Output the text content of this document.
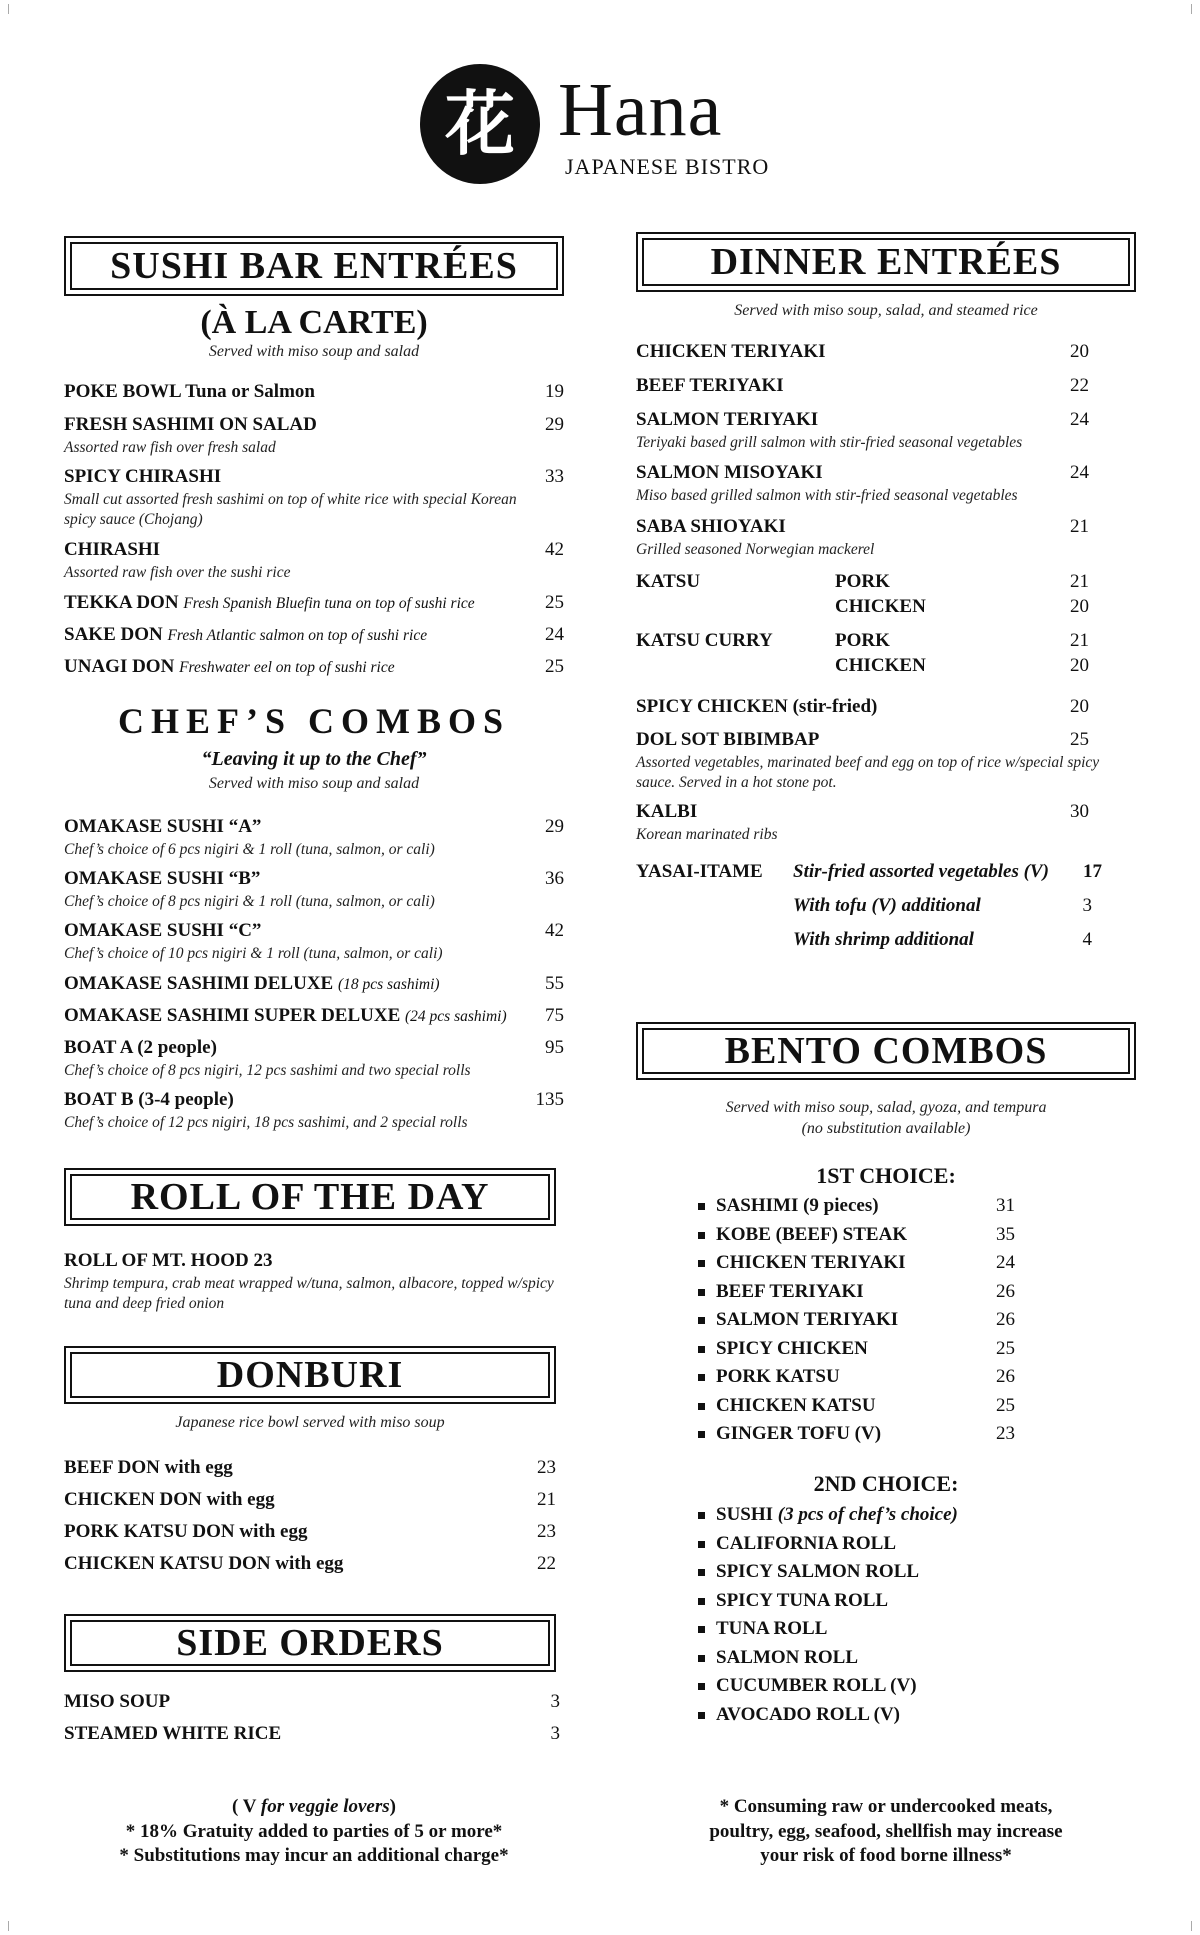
花 Hana
JAPANESE BISTRO
SUSHI BAR ENTRÉES
(À LA CARTE)
Served with miso soup and salad
POKE BOWL Tuna or Salmon	19
FRESH SASHIMI ON SALAD	29
Assorted raw fish over fresh salad
SPICY CHIRASHI	33
Small cut assorted fresh sashimi on top of white rice with special Korean spicy sauce (Chojang)
CHIRASHI	42
Assorted raw fish over the sushi rice
TEKKA DON Fresh Spanish Bluefin tuna on top of sushi rice	25
SAKE DON Fresh Atlantic salmon on top of sushi rice	24
UNAGI DON Freshwater eel on top of sushi rice	25
CHEF’S COMBOS
“Leaving it up to the Chef”
Served with miso soup and salad
OMAKASE SUSHI “A”	29
Chef’s choice of 6 pcs nigiri & 1 roll (tuna, salmon, or cali)
OMAKASE SUSHI “B”	36
Chef’s choice of 8 pcs nigiri & 1 roll (tuna, salmon, or cali)
OMAKASE SUSHI “C”	42
Chef’s choice of 10 pcs nigiri & 1 roll (tuna, salmon, or cali)
OMAKASE SASHIMI DELUXE (18 pcs sashimi)	55
OMAKASE SASHIMI SUPER DELUXE (24 pcs sashimi)	75
BOAT A (2 people)	95
Chef’s choice of 8 pcs nigiri, 12 pcs sashimi and two special rolls
BOAT B (3-4 people)	135
Chef’s choice of 12 pcs nigiri, 18 pcs sashimi, and 2 special rolls
ROLL OF THE DAY
ROLL OF MT. HOOD 23
Shrimp tempura, crab meat wrapped w/tuna, salmon, albacore, topped w/spicy tuna and deep fried onion
DONBURI
Japanese rice bowl served with miso soup
BEEF DON with egg	23
CHICKEN DON with egg	21
PORK KATSU DON with egg	23
CHICKEN KATSU DON with egg	22
SIDE ORDERS
MISO SOUP	3
STEAMED WHITE RICE	3
DINNER ENTRÉES
Served with miso soup, salad, and steamed rice
CHICKEN TERIYAKI	20
BEEF TERIYAKI	22
SALMON TERIYAKI	24
Teriyaki based grill salmon with stir-fried seasonal vegetables
SALMON MISOYAKI	24
Miso based grilled salmon with stir-fried seasonal vegetables
SABA SHIOYAKI	21
Grilled seasoned Norwegian mackerel
KATSU	PORK	21
CHICKEN	20
KATSU CURRY	PORK	21
CHICKEN	20
SPICY CHICKEN (stir-fried)	20
DOL SOT BIBIMBAP	25
Assorted vegetables, marinated beef and egg on top of rice w/special spicy sauce. Served in a hot stone pot.
KALBI	30
Korean marinated ribs
YASAI-ITAME Stir-fried assorted vegetables (V) 17
With tofu (V) additional	3
With shrimp additional	4
BENTO COMBOS
Served with miso soup, salad, gyoza, and tempura
(no substitution available)
1ST CHOICE:
SASHIMI (9 pieces)	31
KOBE (BEEF) STEAK	35
CHICKEN TERIYAKI	24
BEEF TERIYAKI	26
SALMON TERIYAKI	26
SPICY CHICKEN	25
PORK KATSU	26
CHICKEN KATSU	25
GINGER TOFU (V)	23
2ND CHOICE:
SUSHI (3 pcs of chef’s choice)
CALIFORNIA ROLL
SPICY SALMON ROLL
SPICY TUNA ROLL
TUNA ROLL
SALMON ROLL
CUCUMBER ROLL (V)
AVOCADO ROLL (V)
( V for veggie lovers)
* 18% Gratuity added to parties of 5 or more*
* Substitutions may incur an additional charge*
* Consuming raw or undercooked meats,
poultry, egg, seafood, shellfish may increase
your risk of food borne illness*
